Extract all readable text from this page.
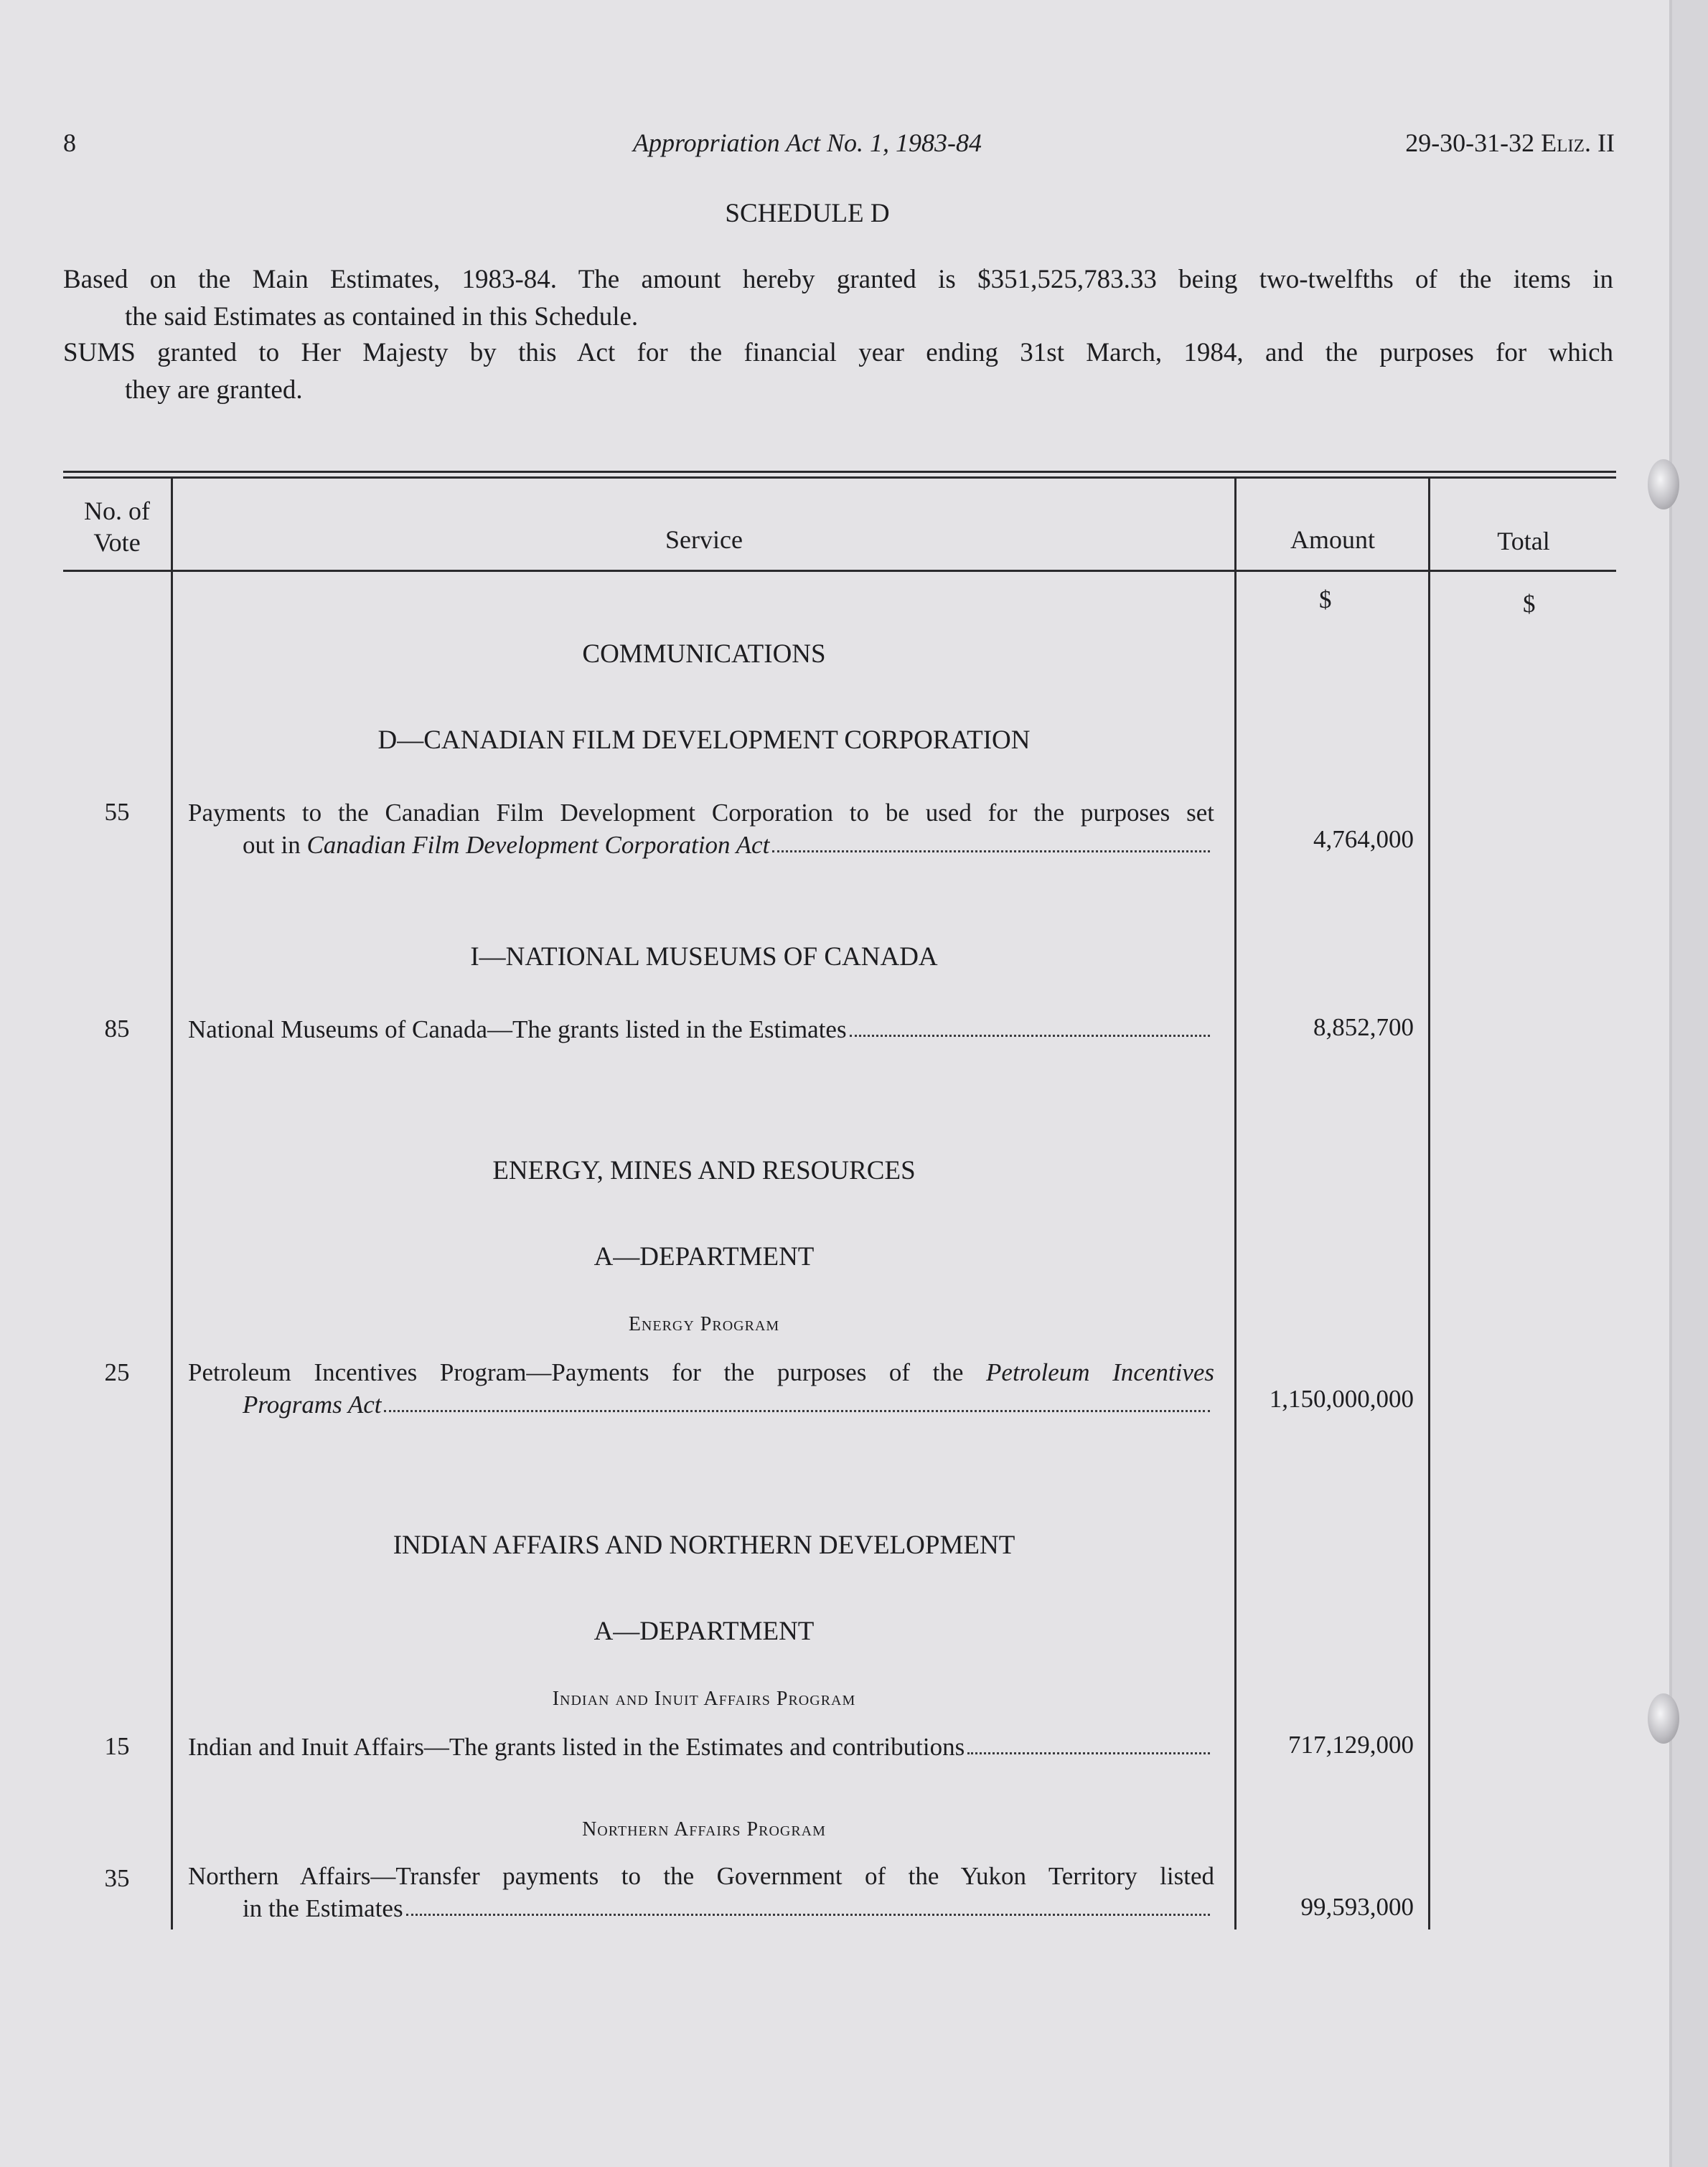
8	Appropriation Act No. 1, 1983-84	29-30-31-32 Eliz. II
SCHEDULE D
Based on the Main Estimates, 1983-84. The amount hereby granted is $351,525,783.33 being two-twelfths of the items in
the said Estimates as contained in this Schedule.
SUMS granted to Her Majesty by this Act for the financial year ending 31st March, 1984, and the purposes for which
they are granted.
No. of
Vote	Service	Amount	Total
$	$
COMMUNICATIONS
D—CANADIAN FILM DEVELOPMENT CORPORATION
55	Payments to the Canadian Film Development Corporation to be used for the purposes set
out in Canadian Film Development Corporation Act	4,764,000
I—NATIONAL MUSEUMS OF CANADA
85	National Museums of Canada—The grants listed in the Estimates	8,852,700
ENERGY, MINES AND RESOURCES
A—DEPARTMENT
Energy Program
25	Petroleum Incentives Program—Payments for the purposes of the Petroleum Incentives
Programs Act	1,150,000,000
INDIAN AFFAIRS AND NORTHERN DEVELOPMENT
A—DEPARTMENT
Indian and Inuit Affairs Program
15	Indian and Inuit Affairs—The grants listed in the Estimates and contributions	717,129,000
Northern Affairs Program
35	Northern Affairs—Transfer payments to the Government of the Yukon Territory listed
in the Estimates	99,593,000
